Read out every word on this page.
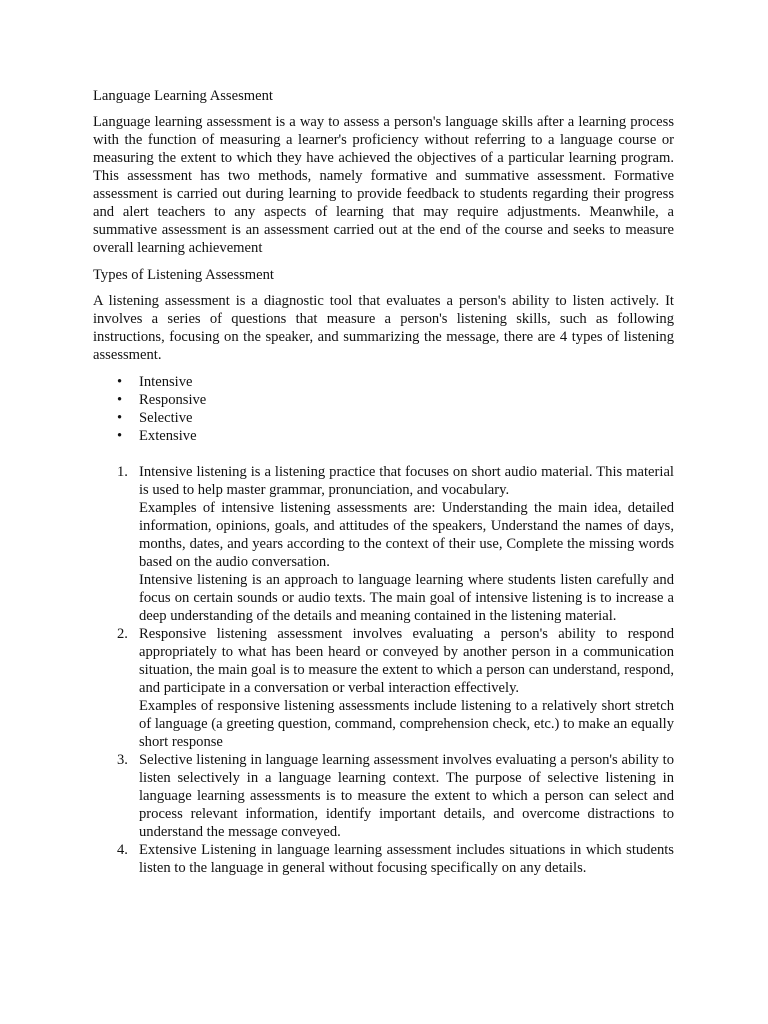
Language Learning Assesment

Language learning assessment is a way to assess a person's language skills after a learning process with the function of measuring a learner's proficiency without referring to a language course or measuring the extent to which they have achieved the objectives of a particular learning program. This assessment has two methods, namely formative and summative assessment. Formative assessment is carried out during learning to provide feedback to students regarding their progress and alert teachers to any aspects of learning that may require adjustments. Meanwhile, a summative assessment is an assessment carried out at the end of the course and seeks to measure overall learning achievement

Types of Listening Assessment

A listening assessment is a diagnostic tool that evaluates a person's ability to listen actively. It involves a series of questions that measure a person's listening skills, such as following instructions, focusing on the speaker, and summarizing the message, there are 4 types of listening assessment.

• Intensive
• Responsive
• Selective
• Extensive
1. Intensive listening is a listening practice that focuses on short audio material. This material is used to help master grammar, pronunciation, and vocabulary.

Examples of intensive listening assessments are: Understanding the main idea, detailed information, opinions, goals, and attitudes of the speakers, Understand the names of days, months, dates, and years according to the context of their use, Complete the missing words based on the audio conversation.

Intensive listening is an approach to language learning where students listen carefully and focus on certain sounds or audio texts. The main goal of intensive listening is to increase a deep understanding of the details and meaning contained in the listening material.

2. Responsive listening assessment involves evaluating a person's ability to respond appropriately to what has been heard or conveyed by another person in a communication situation, the main goal is to measure the extent to which a person can understand, respond, and participate in a conversation or verbal interaction effectively.

Examples of responsive listening assessments include listening to a relatively short stretch of language (a greeting question, command, comprehension check, etc.) to make an equally short response

3. Selective listening in language learning assessment involves evaluating a person's ability to listen selectively in a language learning context. The purpose of selective listening in language learning assessments is to measure the extent to which a person can select and process relevant information, identify important details, and overcome distractions to understand the message conveyed.

4. Extensive Listening in language learning assessment includes situations in which students listen to the language in general without focusing specifically on any details.
